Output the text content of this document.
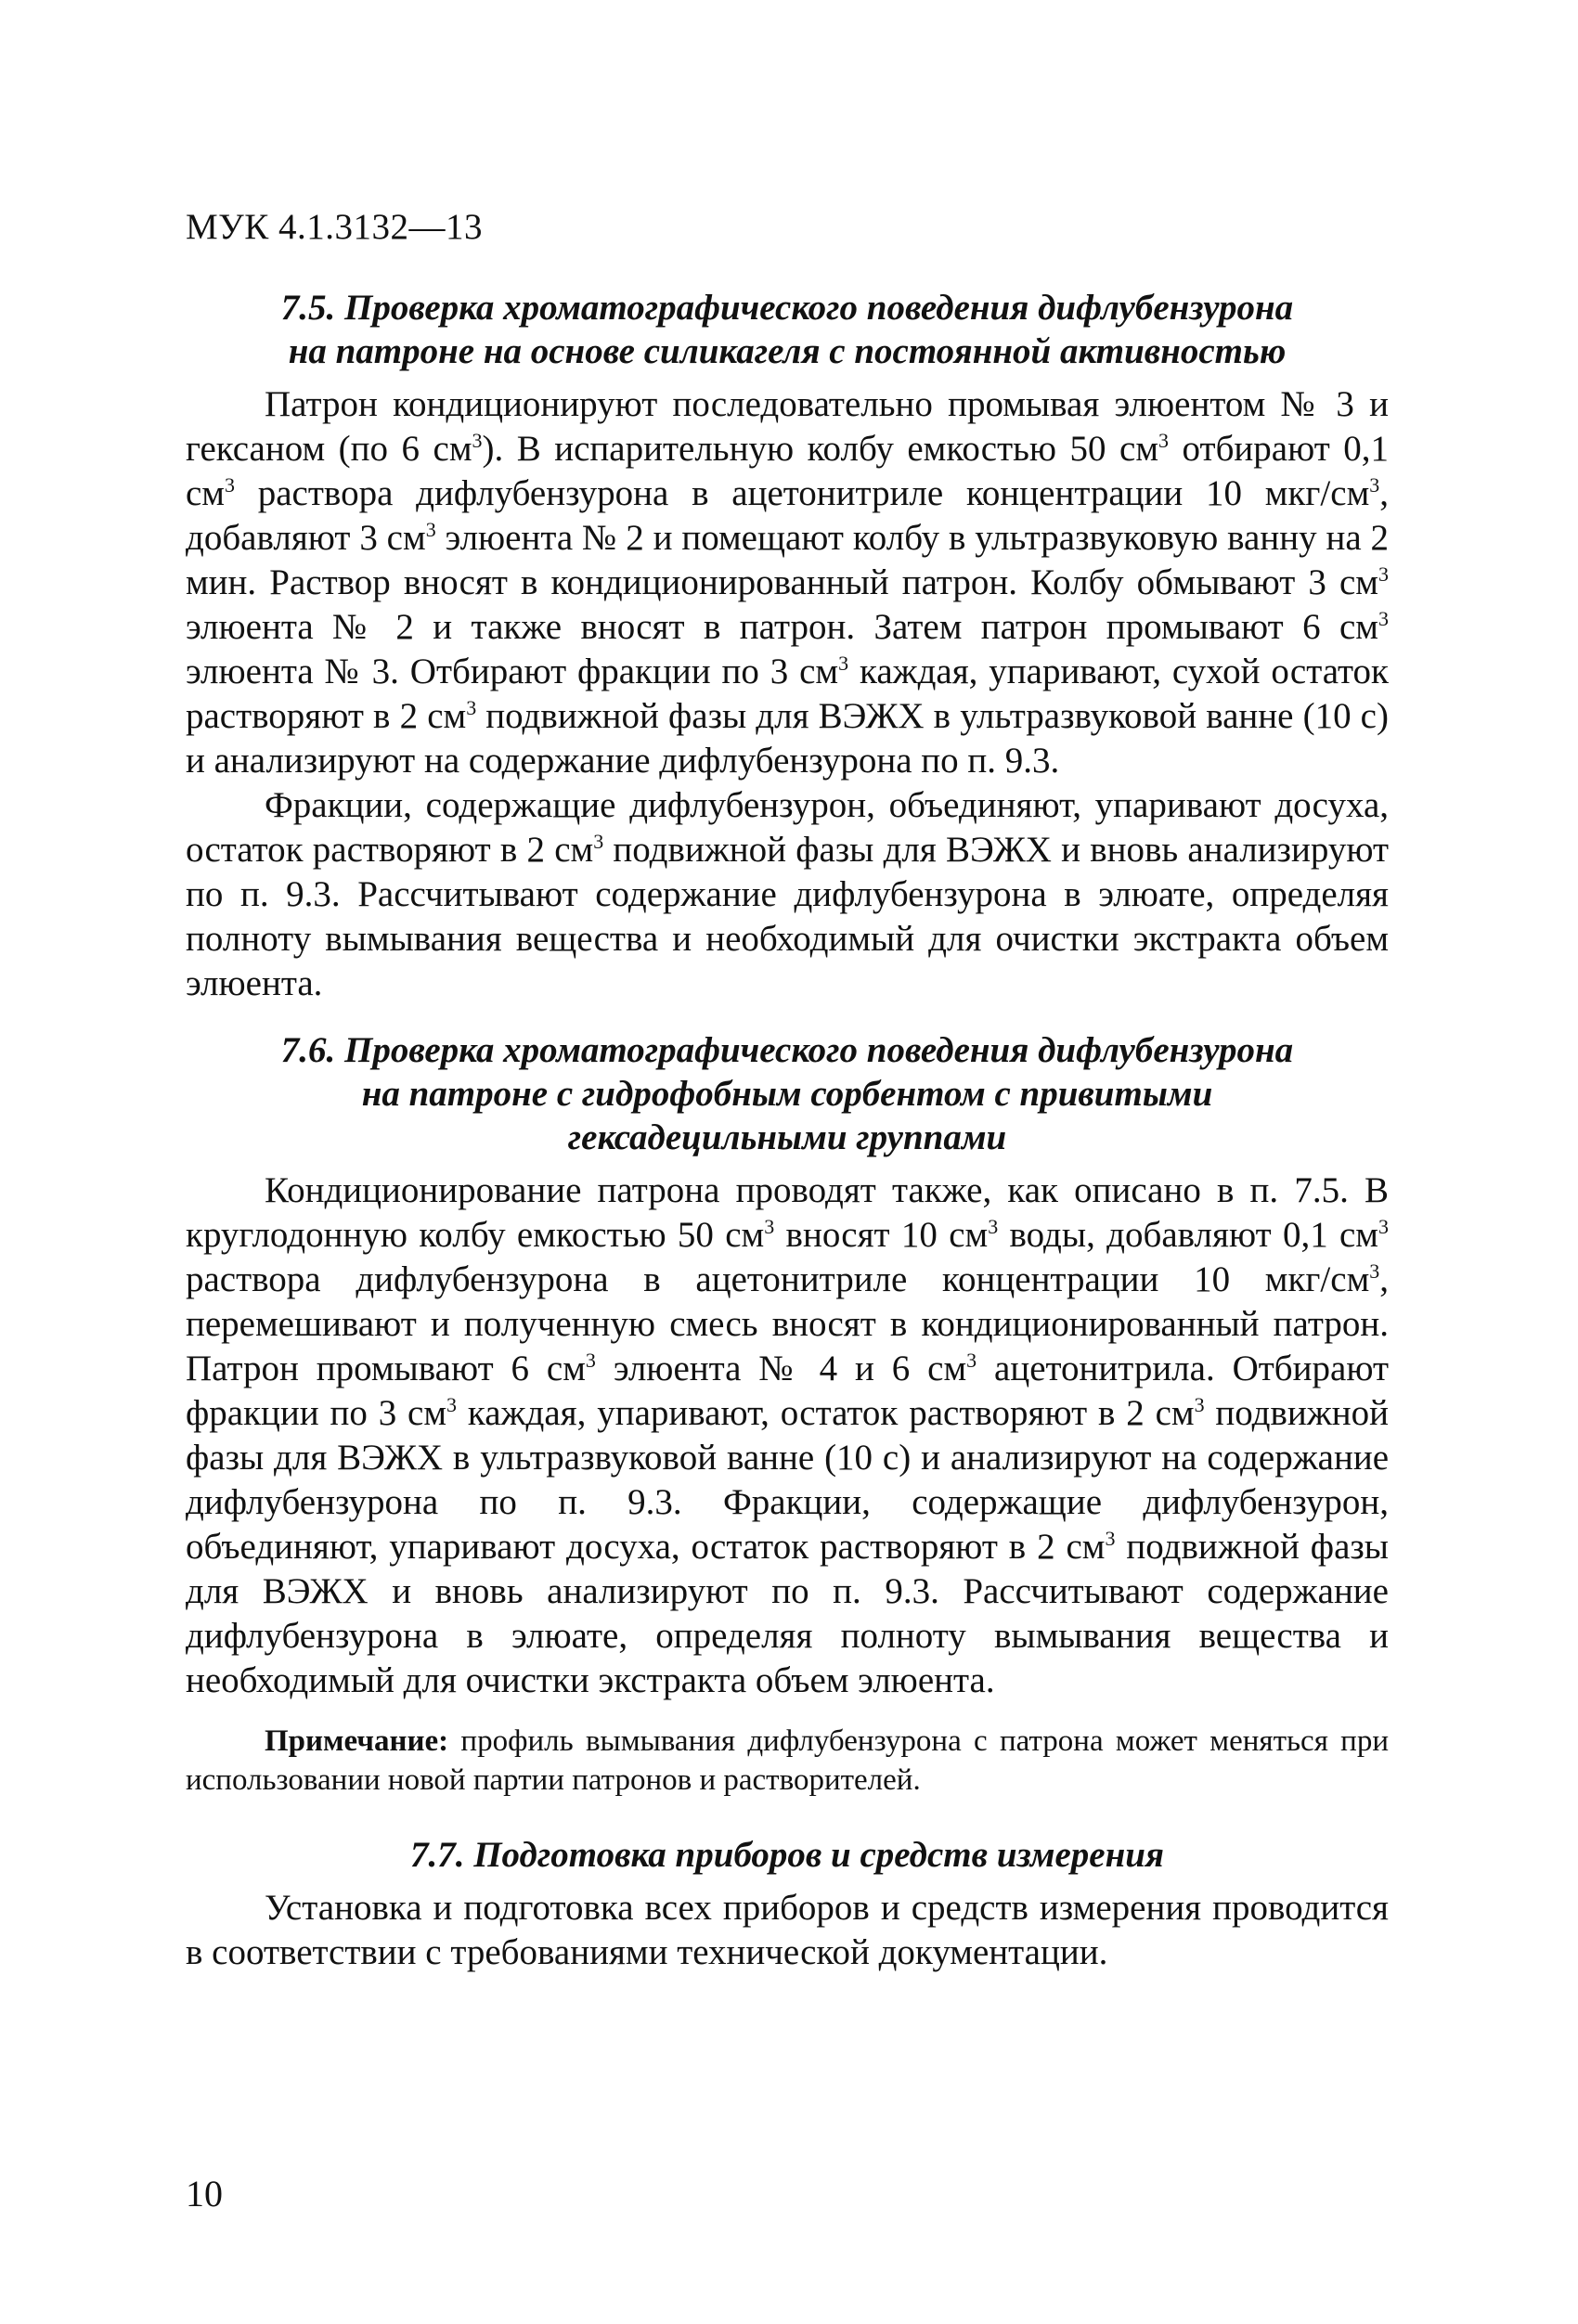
МУК 4.1.3132—13
7.5. Проверка хроматографического поведения дифлубензурона
на патроне на основе силикагеля с постоянной активностью

Патрон кондиционируют последовательно промывая элюентом № 3 и гексаном (по 6 $см^3$). В испарительную колбу емкостью 50 $см^3$ отбирают 0,1 $см^3$ раствора дифлубензурона в ацетонитриле концентрации 10 мкг/$см^3$, добавляют 3 $см^3$ элюента № 2 и помещают колбу в ультразвуковую ванну на 2 мин. Раствор вносят в кондиционированный патрон. Колбу обмывают 3 $см^3$ элюента № 2 и также вносят в патрон. Затем патрон промывают 6 $см^3$ элюента № 3. Отбирают фракции по 3 $см^3$ каждая, упаривают, сухой остаток растворяют в 2 $см^3$ подвижной фазы для ВЭЖХ в ультразвуковой ванне (10 с) и анализируют на содержание дифлубензурона по п. 9.3.

Фракции, содержащие дифлубензурон, объединяют, упаривают досуха, остаток растворяют в 2 $см^3$ подвижной фазы для ВЭЖХ и вновь анализируют по п. 9.3. Рассчитывают содержание дифлубензурона в элюате, определяя полноту вымывания вещества и необходимый для очистки экстракта объем элюента.

7.6. Проверка хроматографического поведения дифлубензурона
на патроне с гидрофобным сорбентом с привитыми
гексадецильными группами

Кондиционирование патрона проводят также, как описано в п. 7.5. В круглодонную колбу емкостью 50 $см^3$ вносят 10 $см^3$ воды, добавляют 0,1 $см^3$ раствора дифлубензурона в ацетонитриле концентрации 10 мкг/$см^3$, перемешивают и полученную смесь вносят в кондиционированный патрон. Патрон промывают 6 $см^3$ элюента № 4 и 6 $см^3$ ацетонитрила. Отбирают фракции по 3 $см^3$ каждая, упаривают, остаток растворяют в 2 $см^3$ подвижной фазы для ВЭЖХ в ультразвуковой ванне (10 с) и анализируют на содержание дифлубензурона по п. 9.3. Фракции, содержащие дифлубензурон, объединяют, упаривают досуха, остаток растворяют в 2 $см^3$ подвижной фазы для ВЭЖХ и вновь анализируют по п. 9.3. Рассчитывают содержание дифлубензурона в элюате, определяя полноту вымывания вещества и необходимый для очистки экстракта объем элюента.

Примечание: профиль вымывания дифлубензурона с патрона может меняться при использовании новой партии патронов и растворителей.

7.7. Подготовка приборов и средств измерения

Установка и подготовка всех приборов и средств измерения проводится в соответствии с требованиями технической документации.

10
